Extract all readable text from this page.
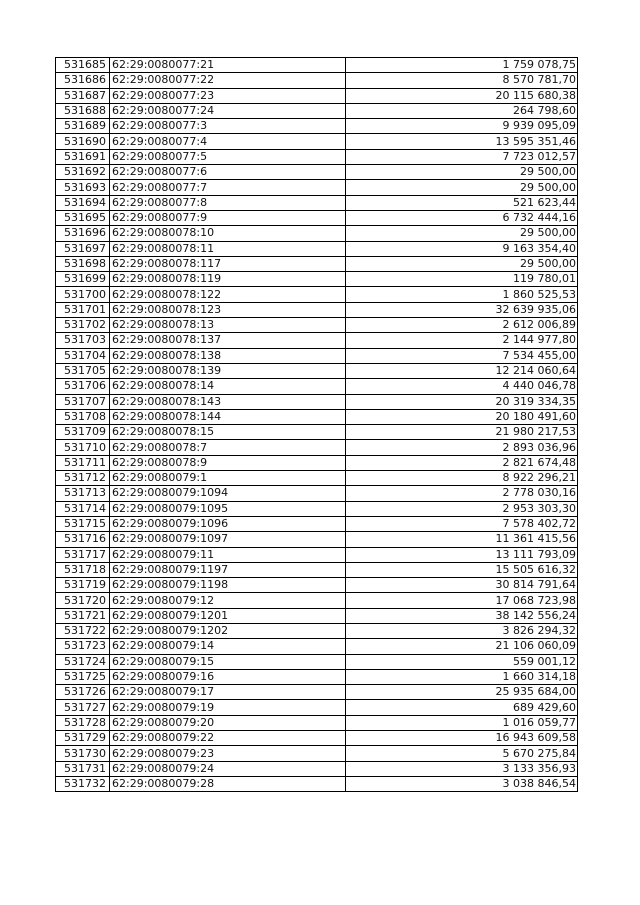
531685	62:29:0080077:21	1 759 078,75
531686	62:29:0080077:22	8 570 781,70
531687	62:29:0080077:23	20 115 680,38
531688	62:29:0080077:24	264 798,60
531689	62:29:0080077:3	9 939 095,09
531690	62:29:0080077:4	13 595 351,46
531691	62:29:0080077:5	7 723 012,57
531692	62:29:0080077:6	29 500,00
531693	62:29:0080077:7	29 500,00
531694	62:29:0080077:8	521 623,44
531695	62:29:0080077:9	6 732 444,16
531696	62:29:0080078:10	29 500,00
531697	62:29:0080078:11	9 163 354,40
531698	62:29:0080078:117	29 500,00
531699	62:29:0080078:119	119 780,01
531700	62:29:0080078:122	1 860 525,53
531701	62:29:0080078:123	32 639 935,06
531702	62:29:0080078:13	2 612 006,89
531703	62:29:0080078:137	2 144 977,80
531704	62:29:0080078:138	7 534 455,00
531705	62:29:0080078:139	12 214 060,64
531706	62:29:0080078:14	4 440 046,78
531707	62:29:0080078:143	20 319 334,35
531708	62:29:0080078:144	20 180 491,60
531709	62:29:0080078:15	21 980 217,53
531710	62:29:0080078:7	2 893 036,96
531711	62:29:0080078:9	2 821 674,48
531712	62:29:0080079:1	8 922 296,21
531713	62:29:0080079:1094	2 778 030,16
531714	62:29:0080079:1095	2 953 303,30
531715	62:29:0080079:1096	7 578 402,72
531716	62:29:0080079:1097	11 361 415,56
531717	62:29:0080079:11	13 111 793,09
531718	62:29:0080079:1197	15 505 616,32
531719	62:29:0080079:1198	30 814 791,64
531720	62:29:0080079:12	17 068 723,98
531721	62:29:0080079:1201	38 142 556,24
531722	62:29:0080079:1202	3 826 294,32
531723	62:29:0080079:14	21 106 060,09
531724	62:29:0080079:15	559 001,12
531725	62:29:0080079:16	1 660 314,18
531726	62:29:0080079:17	25 935 684,00
531727	62:29:0080079:19	689 429,60
531728	62:29:0080079:20	1 016 059,77
531729	62:29:0080079:22	16 943 609,58
531730	62:29:0080079:23	5 670 275,84
531731	62:29:0080079:24	3 133 356,93
531732	62:29:0080079:28	3 038 846,54
